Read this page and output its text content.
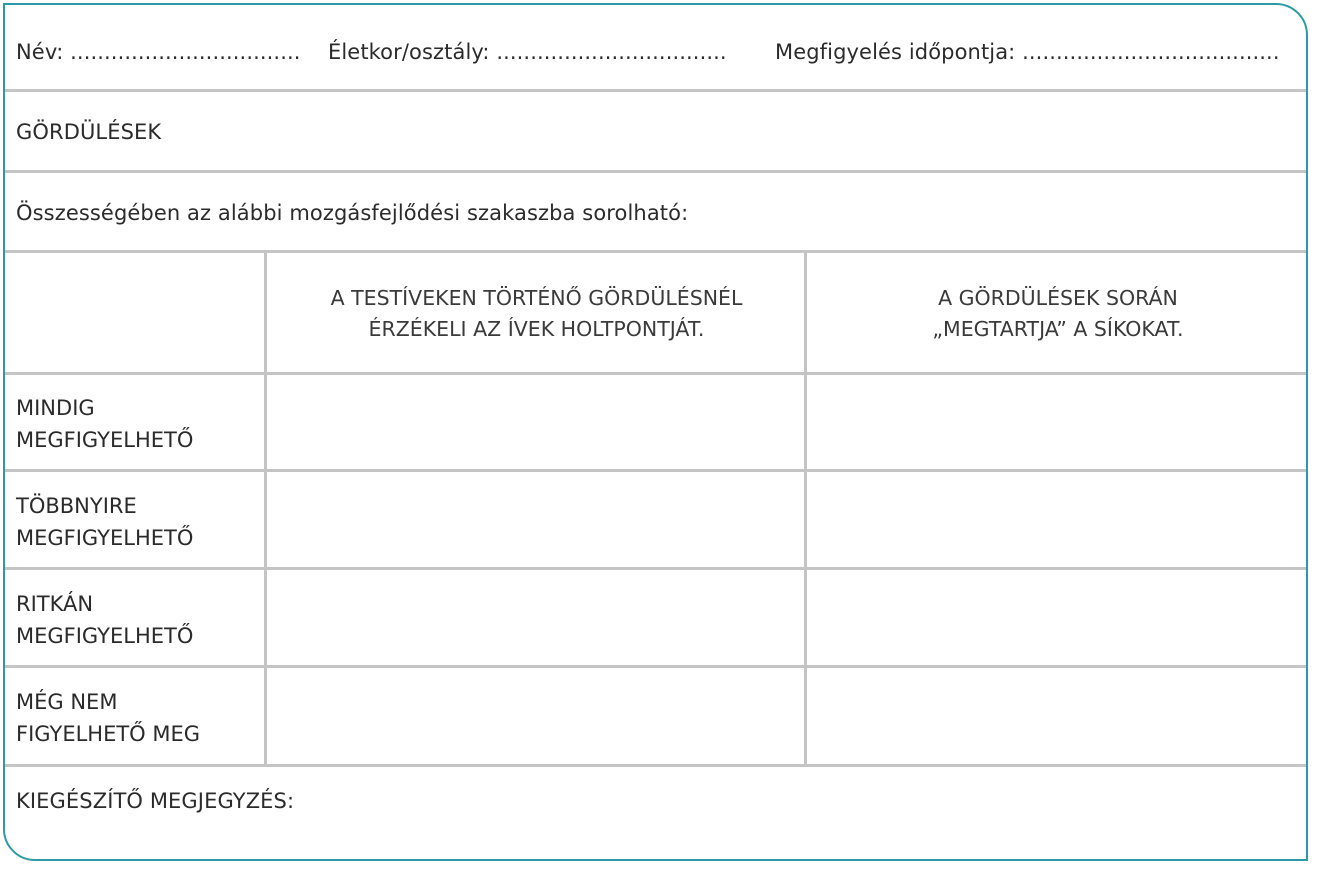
Név: .................................. Életkor/osztály: .................................. Megfigyelés időpontja: ......................................
GÖRDÜLÉSEK
Összességében az alábbi mozgásfejlődési szakaszba sorolható:
A TESTÍVEKEN TÖRTÉNŐ GÖRDÜLÉSNÉL
ÉRZÉKELI AZ ÍVEK HOLTPONTJÁT.
A GÖRDÜLÉSEK SORÁN
„MEGTARTJA” A SÍKOKAT.
MINDIG
MEGFIGYELHETŐ
TÖBBNYIRE
MEGFIGYELHETŐ
RITKÁN
MEGFIGYELHETŐ
MÉG NEM
FIGYELHETŐ MEG
KIEGÉSZÍTŐ MEGJEGYZÉS:
